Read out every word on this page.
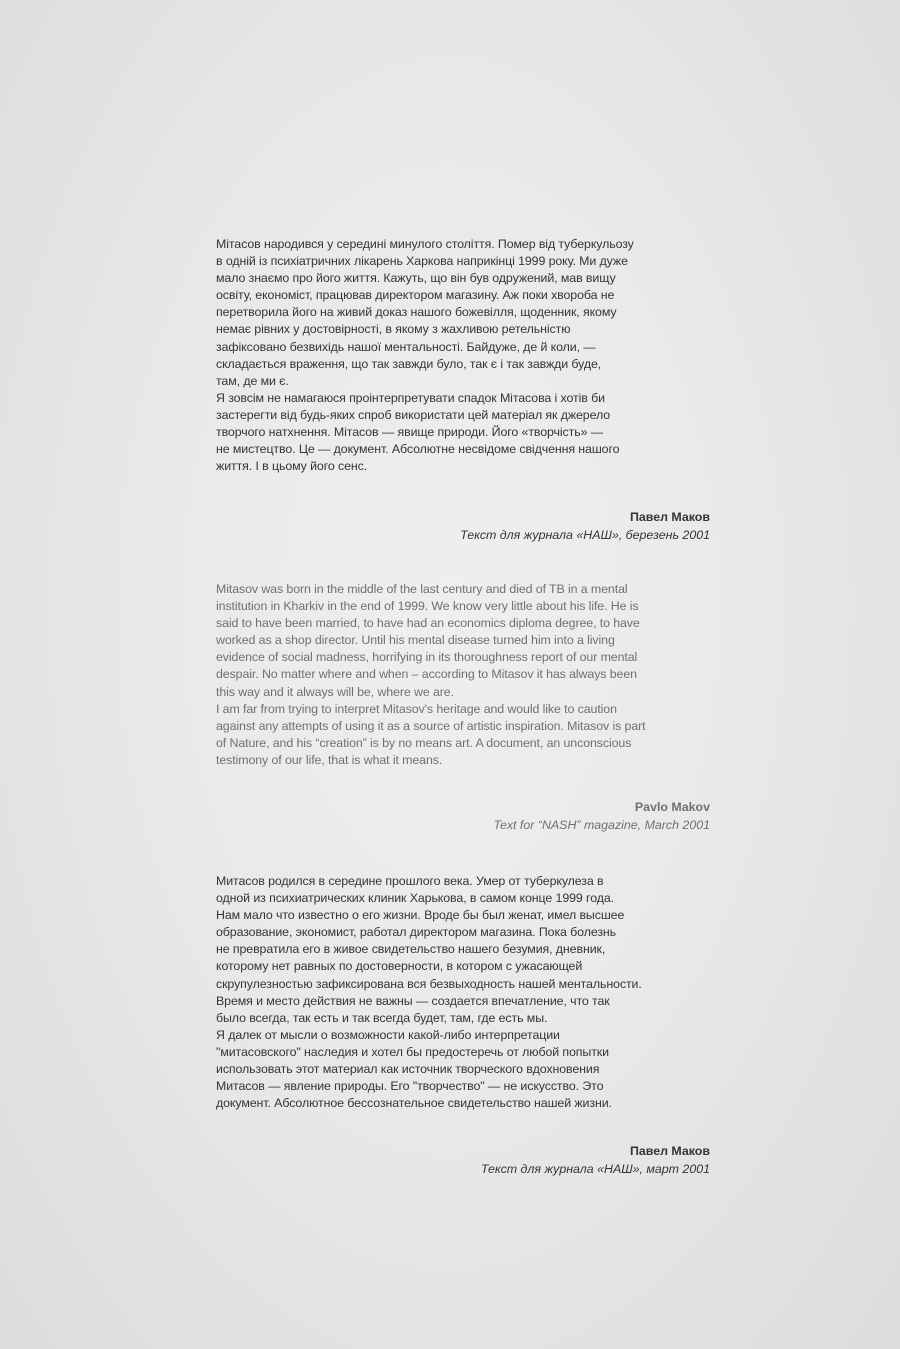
Мітасов народився у середині минулого століття. Помер від туберкульозу
в одній із психіатричних лікарень Харкова наприкінці 1999 року. Ми дуже
мало знаємо про його життя. Кажуть, що він був одружений, мав вищу
освіту, економіст, працював директором магазину. Аж поки хвороба не
перетворила його на живий доказ нашого божевілля, щоденник, якому
немає рівних у достовірності, в якому з жахливою ретельністю
зафіксовано безвихідь нашої ментальності. Байдуже, де й коли, —
складається враження, що так завжди було, так є і так завжди буде,
там, де ми є.
Я зовсім не намагаюся проінтерпретувати спадок Мітасова і хотів би
застерегти від будь-яких спроб використати цей матеріал як джерело
творчого натхнення. Мітасов — явище природи. Його «творчість» —
не мистецтво. Це — документ. Абсолютне несвідоме свідчення нашого
життя. І в цьому його сенс.

Павел Маков
Текст для журнала «НАШ», березень 2001

Mitasov was born in the middle of the last century and died of TB in a mental
institution in Kharkiv in the end of 1999. We know very little about his life. He is
said to have been married, to have had an economics diploma degree, to have
worked as a shop director. Until his mental disease turned him into a living
evidence of social madness, horrifying in its thoroughness report of our mental
despair. No matter where and when – according to Mitasov it has always been
this way and it always will be, where we are.
I am far from trying to interpret Mitasov's heritage and would like to caution
against any attempts of using it as a source of artistic inspiration. Mitasov is part
of Nature, and his “creation” is by no means art. A document, an unconscious
testimony of our life, that is what it means.

Pavlo Makov
Text for “NASH” magazine, March 2001

Митасов родился в середине прошлого века. Умер от туберкулеза в
одной из психиатрических клиник Харькова, в самом конце 1999 года.
Нам мало что известно о его жизни. Вроде бы был женат, имел высшее
образование, экономист, работал директором магазина. Пока болезнь
не превратила его в живое свидетельство нашего безумия, дневник,
которому нет равных по достоверности, в котором с ужасающей
скрупулезностью зафиксирована вся безвыходность нашей ментальности.
Время и место действия не важны — создается впечатление, что так
было всегда, так есть и так всегда будет, там, где есть мы.
Я далек от мысли о возможности какой-либо интерпретации
"митасовского" наследия и хотел бы предостеречь от любой попытки
использовать этот материал как источник творческого вдохновения
Митасов — явление природы. Его "творчество" — не искусство. Это
документ. Абсолютное бессознательное свидетельство нашей жизни.

Павел Маков
Текст для журнала «НАШ», март 2001
